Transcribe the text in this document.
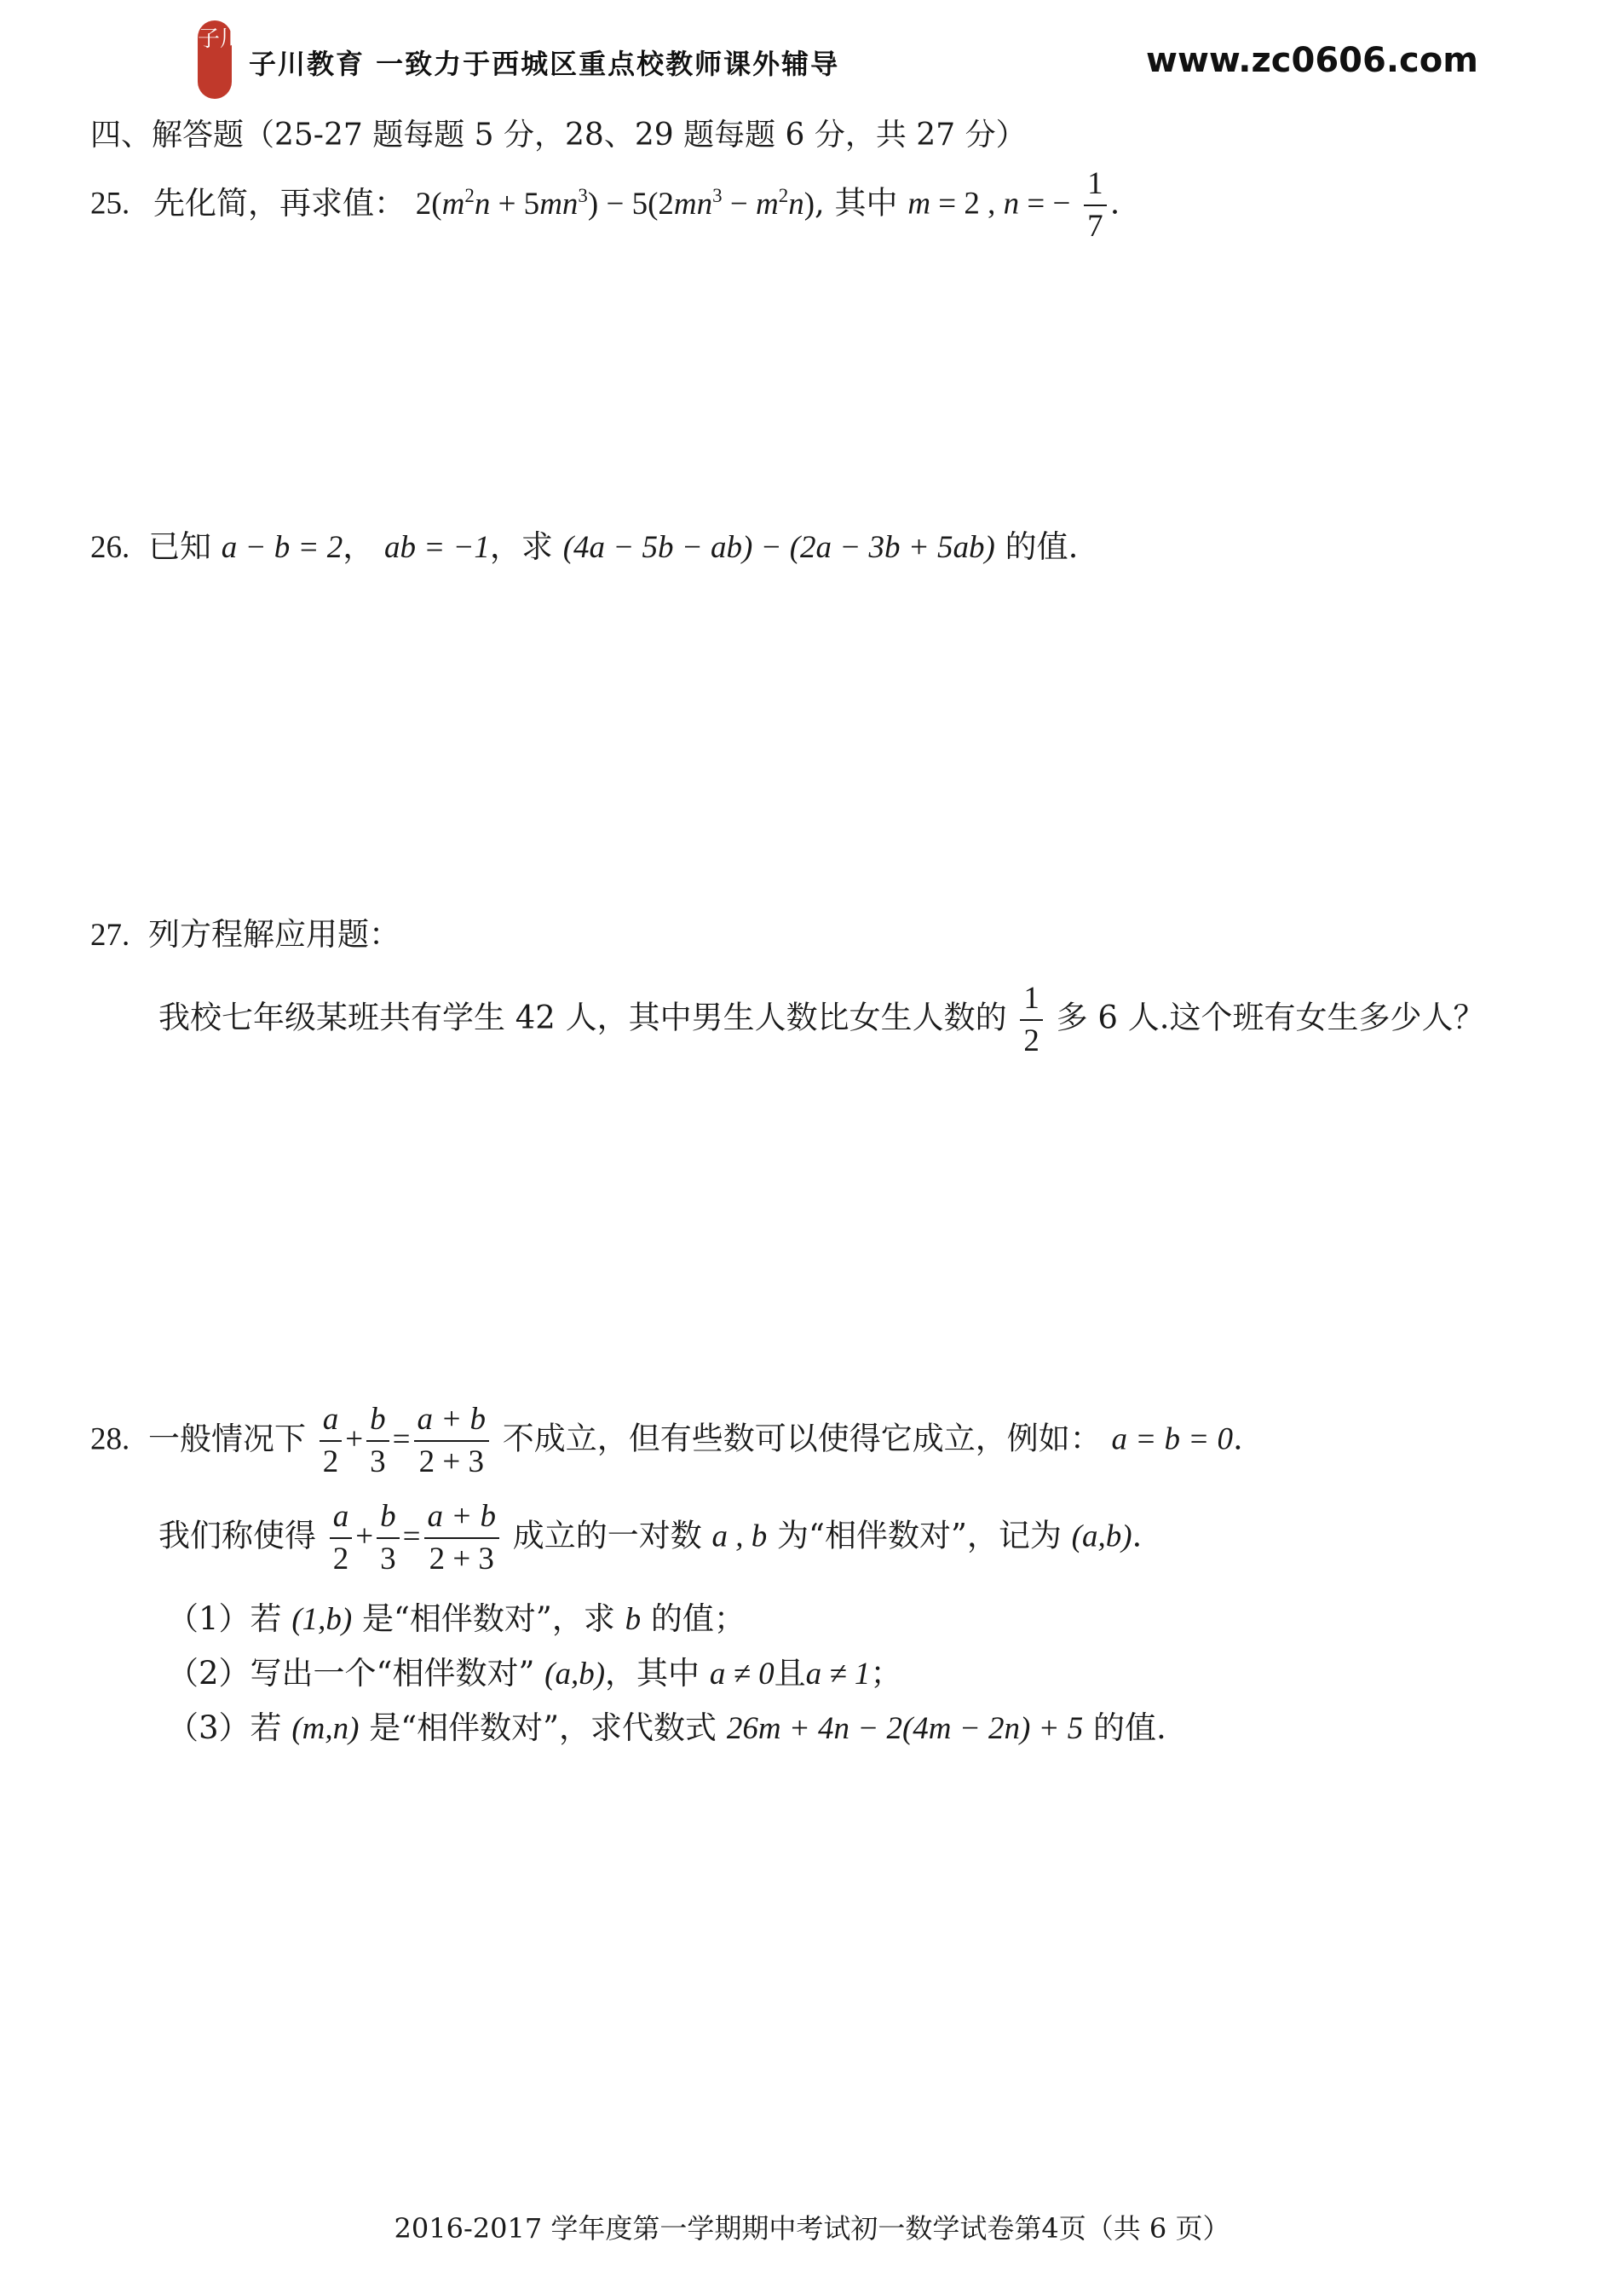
子川
子川教育 一致力于西城区重点校教师课外辅导	www.zc0606.com
四、解答题（25-27 题每题 5 分，28、29 题每题 6 分，共 27 分）
25. 先化简，再求值： $2(m^2n + 5mn^3) - 5(2mn^3 - m^2n)$, 其中 m = 2 , n = − $\frac{1}{7}$ .
26. 已知 a − b = 2， ab = −1，求 (4a − 5b − ab) − (2a − 3b + 5ab) 的值.
27. 列方程解应用题：
我校七年级某班共有学生 42 人，其中男生人数比女生人数的 $\frac{1}{2}$ 多 6 人.这个班有女生多少人？
28. 一般情况下 $\frac{a}{2} + \frac{b}{3} = \frac{a + b}{2 + 3}$ 不成立，但有些数可以使得它成立，例如： a = b = 0.
我们称使得 $\frac{a}{2} + \frac{b}{3} = \frac{a + b}{2 + 3}$ 成立的一对数 a , b 为“相伴数对”，记为 (a,b).
（1）若 (1,b) 是“相伴数对”，求 b 的值；
（2）写出一个“相伴数对” (a,b)，其中 a ≠ 0且a ≠ 1；
（3）若 (m,n) 是“相伴数对”，求代数式 26m + 4n − 2(4m − 2n) + 5 的值.
2016-2017 学年度第一学期期中考试初一数学试卷第4页（共 6 页）
